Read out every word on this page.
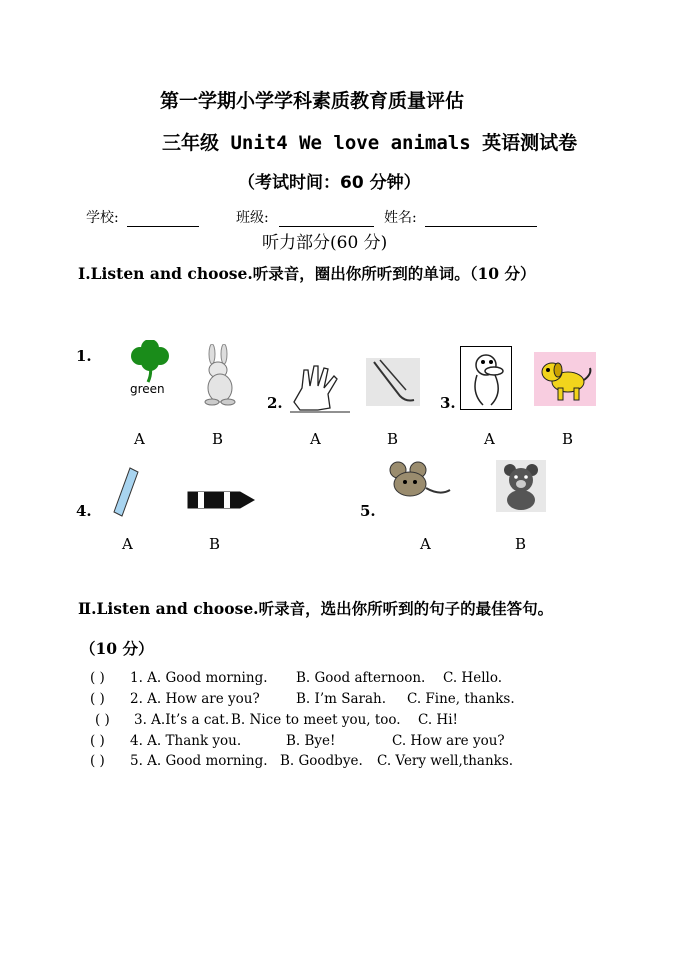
第一学期小学学科素质教育质量评估
三年级 Unit4 We love animals 英语测试卷
（考试时间：60 分钟）
学校:	班级:	姓名:
听力部分(60 分)
Ⅰ.Listen and choose.听录音，圈出你所听到的单词。（10 分）
1.
green
A	B
2.
A	B
3.
A	B
4.
A	B
5.
A	B
Ⅱ.Listen and choose.听录音，选出你所听到的句子的最佳答句。
（10 分）
( ) 1. A. Good morning. B. Good afternoon. C. Hello.
( ) 2. A. How are you?	B. I’m Sarah. C. Fine, thanks.
( ) 3. A.It’s a cat. B. Nice to meet you, too. C. Hi!
( ) 4. A. Thank you.	B. Bye!	C. How are you?
( ) 5. A. Good morning. B. Goodbye. C. Very well,thanks.
